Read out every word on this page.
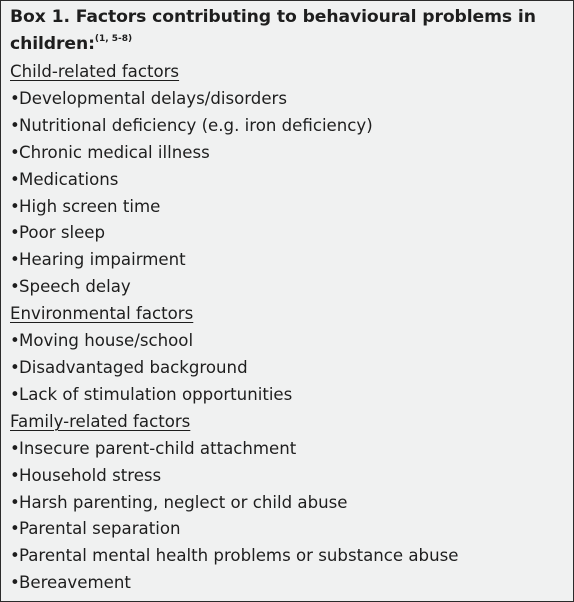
Box 1. Factors contributing to behavioural problems in children:$^{(1, 5-8)}$
Child-related factors
•Developmental delays/disorders
•Nutritional deficiency (e.g. iron deficiency)
•Chronic medical illness
•Medications
•High screen time
•Poor sleep
•Hearing impairment
•Speech delay
Environmental factors
•Moving house/school
•Disadvantaged background
•Lack of stimulation opportunities
Family-related factors
•Insecure parent-child attachment
•Household stress
•Harsh parenting, neglect or child abuse
•Parental separation
•Parental mental health problems or substance abuse
•Bereavement
